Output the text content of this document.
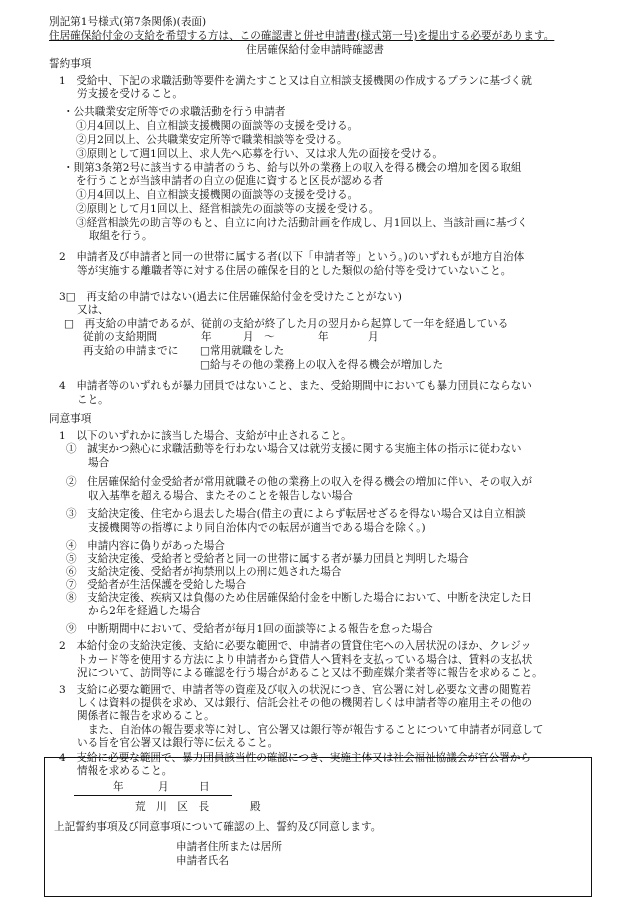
別記第1号様式(第7条関係)(表面)
住居確保給付金の支給を希望する方は、この確認書と併せ申請書(様式第一号)を提出する必要があります。
住居確保給付金申請時確認書
誓約事項
1　受給中、下記の求職活動等要件を満たすこと又は自立相談支援機関の作成するプランに基づく就
労支援を受けること。
・公共職業安定所等での求職活動を行う申請者
①月4回以上、自立相談支援機関の面談等の支援を受ける。
②月2回以上、公共職業安定所等で職業相談等を受ける。
③原則として週1回以上、求人先へ応募を行い、又は求人先の面接を受ける。
・則第3条第2号に該当する申請者のうち、給与以外の業務上の収入を得る機会の増加を図る取組
を行うことが当該申請者の自立の促進に資すると区長が認める者
①月4回以上、自立相談支援機関の面談等の支援を受ける。
②原則として月1回以上、経営相談先の面談等の支援を受ける。
③経営相談先の助言等のもと、自立に向けた活動計画を作成し、月1回以上、当該計画に基づく
取組を行う。
2　申請者及び申請者と同一の世帯に属する者(以下「申請者等」という。)のいずれもが地方自治体
等が実施する離職者等に対する住居の確保を目的とした類似の給付等を受けていないこと。
3□　再支給の申請ではない(過去に住居確保給付金を受けたことがない)
又は、
□　再支給の申請であるが、従前の支給が終了した月の翌月から起算して一年を経過している
従前の支給期間	年	月　～	年	月
再支給の申請までに □常用就職をした
□給与その他の業務上の収入を得る機会が増加した
4　申請者等のいずれもが暴力団員ではないこと、また、受給期間中においても暴力団員にならない
こと。
同意事項
1　以下のいずれかに該当した場合、支給が中止されること。
①　誠実かつ熱心に求職活動等を行わない場合又は就労支援に関する実施主体の指示に従わない
場合
②　住居確保給付金受給者が常用就職その他の業務上の収入を得る機会の増加に伴い、その収入が
収入基準を超える場合、またそのことを報告しない場合
③　支給決定後、住宅から退去した場合(借主の責によらず転居せざるを得ない場合又は自立相談
支援機関等の指導により同自治体内での転居が適当である場合を除く。)
④　申請内容に偽りがあった場合
⑤　支給決定後、受給者と受給者と同一の世帯に属する者が暴力団員と判明した場合
⑥　支給決定後、受給者が拘禁刑以上の刑に処された場合
⑦　受給者が生活保護を受給した場合
⑧　支給決定後、疾病又は負傷のため住居確保給付金を中断した場合において、中断を決定した日
から2年を経過した場合
⑨　中断期間中において、受給者が毎月1回の面談等による報告を怠った場合
2　本給付金の支給決定後、支給に必要な範囲で、申請者の賃貸住宅への入居状況のほか、クレジッ
トカード等を使用する方法により申請者から貸借人へ賃料を支払っている場合は、賃料の支払状
況について、訪問等による確認を行う場合があること又は不動産媒介業者等に報告を求めること。
3　支給に必要な範囲で、申請者等の資産及び収入の状況につき、官公署に対し必要な文書の閲覧若
しくは資料の提供を求め、又は銀行、信託会社その他の機関若しくは申請者等の雇用主その他の
関係者に報告を求めること。
また、自治体の報告要求等に対し、官公署又は銀行等が報告することについて申請者が同意して
いる旨を官公署又は銀行等に伝えること。
4　支給に必要な範囲で、暴力団員該当性の確認につき、実施主体又は社会福祉協議会が官公署から
情報を求めること。
年	月	日
荒　川　区　長	殿
上記誓約事項及び同意事項について確認の上、誓約及び同意します。
申請者住所または居所
申請者氏名
